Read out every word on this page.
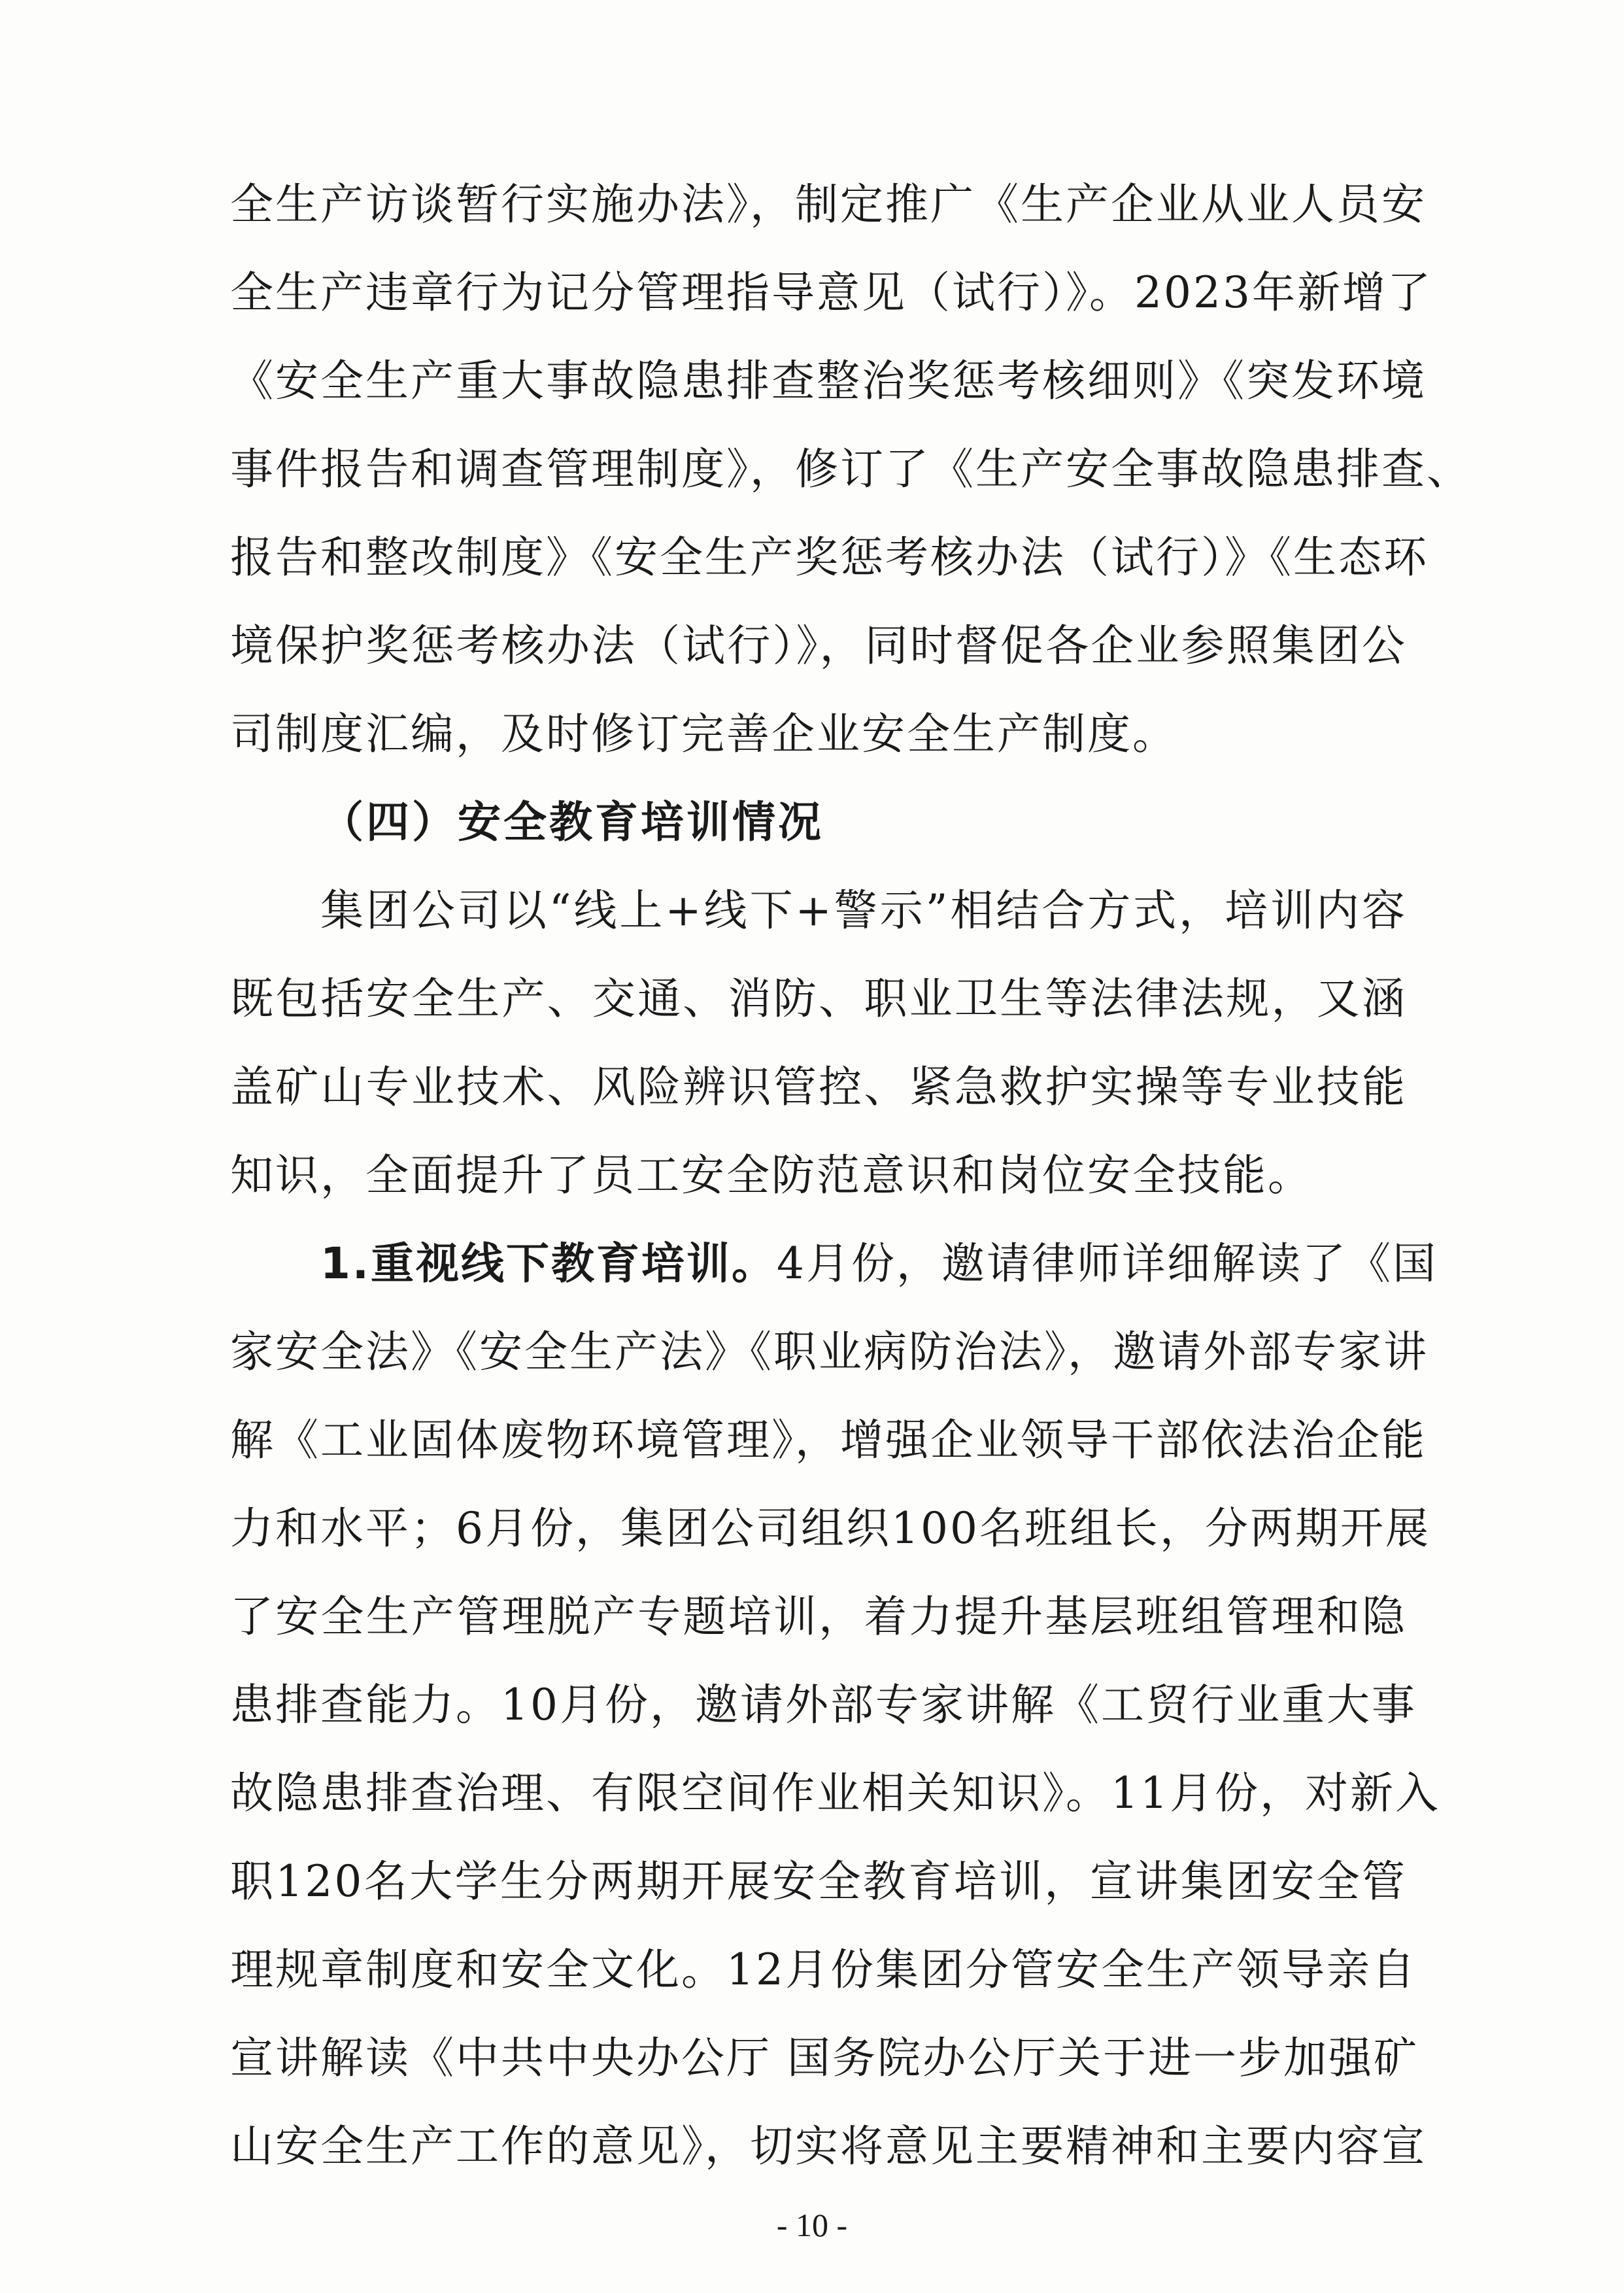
全生产访谈暂行实施办法》，制定推广《生产企业从业人员安
全生产违章行为记分管理指导意见（试行）》。2023年新增了
《安全生产重大事故隐患排查整治奖惩考核细则》《突发环境
事件报告和调查管理制度》，修订了《生产安全事故隐患排查、
报告和整改制度》《安全生产奖惩考核办法（试行）》《生态环
境保护奖惩考核办法（试行）》，同时督促各企业参照集团公
司制度汇编，及时修订完善企业安全生产制度。
（四）安全教育培训情况
集团公司以“线上+线下+警示”相结合方式，培训内容
既包括安全生产、交通、消防、职业卫生等法律法规，又涵
盖矿山专业技术、风险辨识管控、紧急救护实操等专业技能
知识，全面提升了员工安全防范意识和岗位安全技能。
1.重视线下教育培训。4月份，邀请律师详细解读了《国
家安全法》《安全生产法》《职业病防治法》，邀请外部专家讲
解《工业固体废物环境管理》，增强企业领导干部依法治企能
力和水平；6月份，集团公司组织100名班组长，分两期开展
了安全生产管理脱产专题培训，着力提升基层班组管理和隐
患排查能力。10月份，邀请外部专家讲解《工贸行业重大事
故隐患排查治理、有限空间作业相关知识》。11月份，对新入
职120名大学生分两期开展安全教育培训，宣讲集团安全管
理规章制度和安全文化。12月份集团分管安全生产领导亲自
宣讲解读《中共中央办公厅 国务院办公厅关于进一步加强矿
山安全生产工作的意见》，切实将意见主要精神和主要内容宣
- 10 -
